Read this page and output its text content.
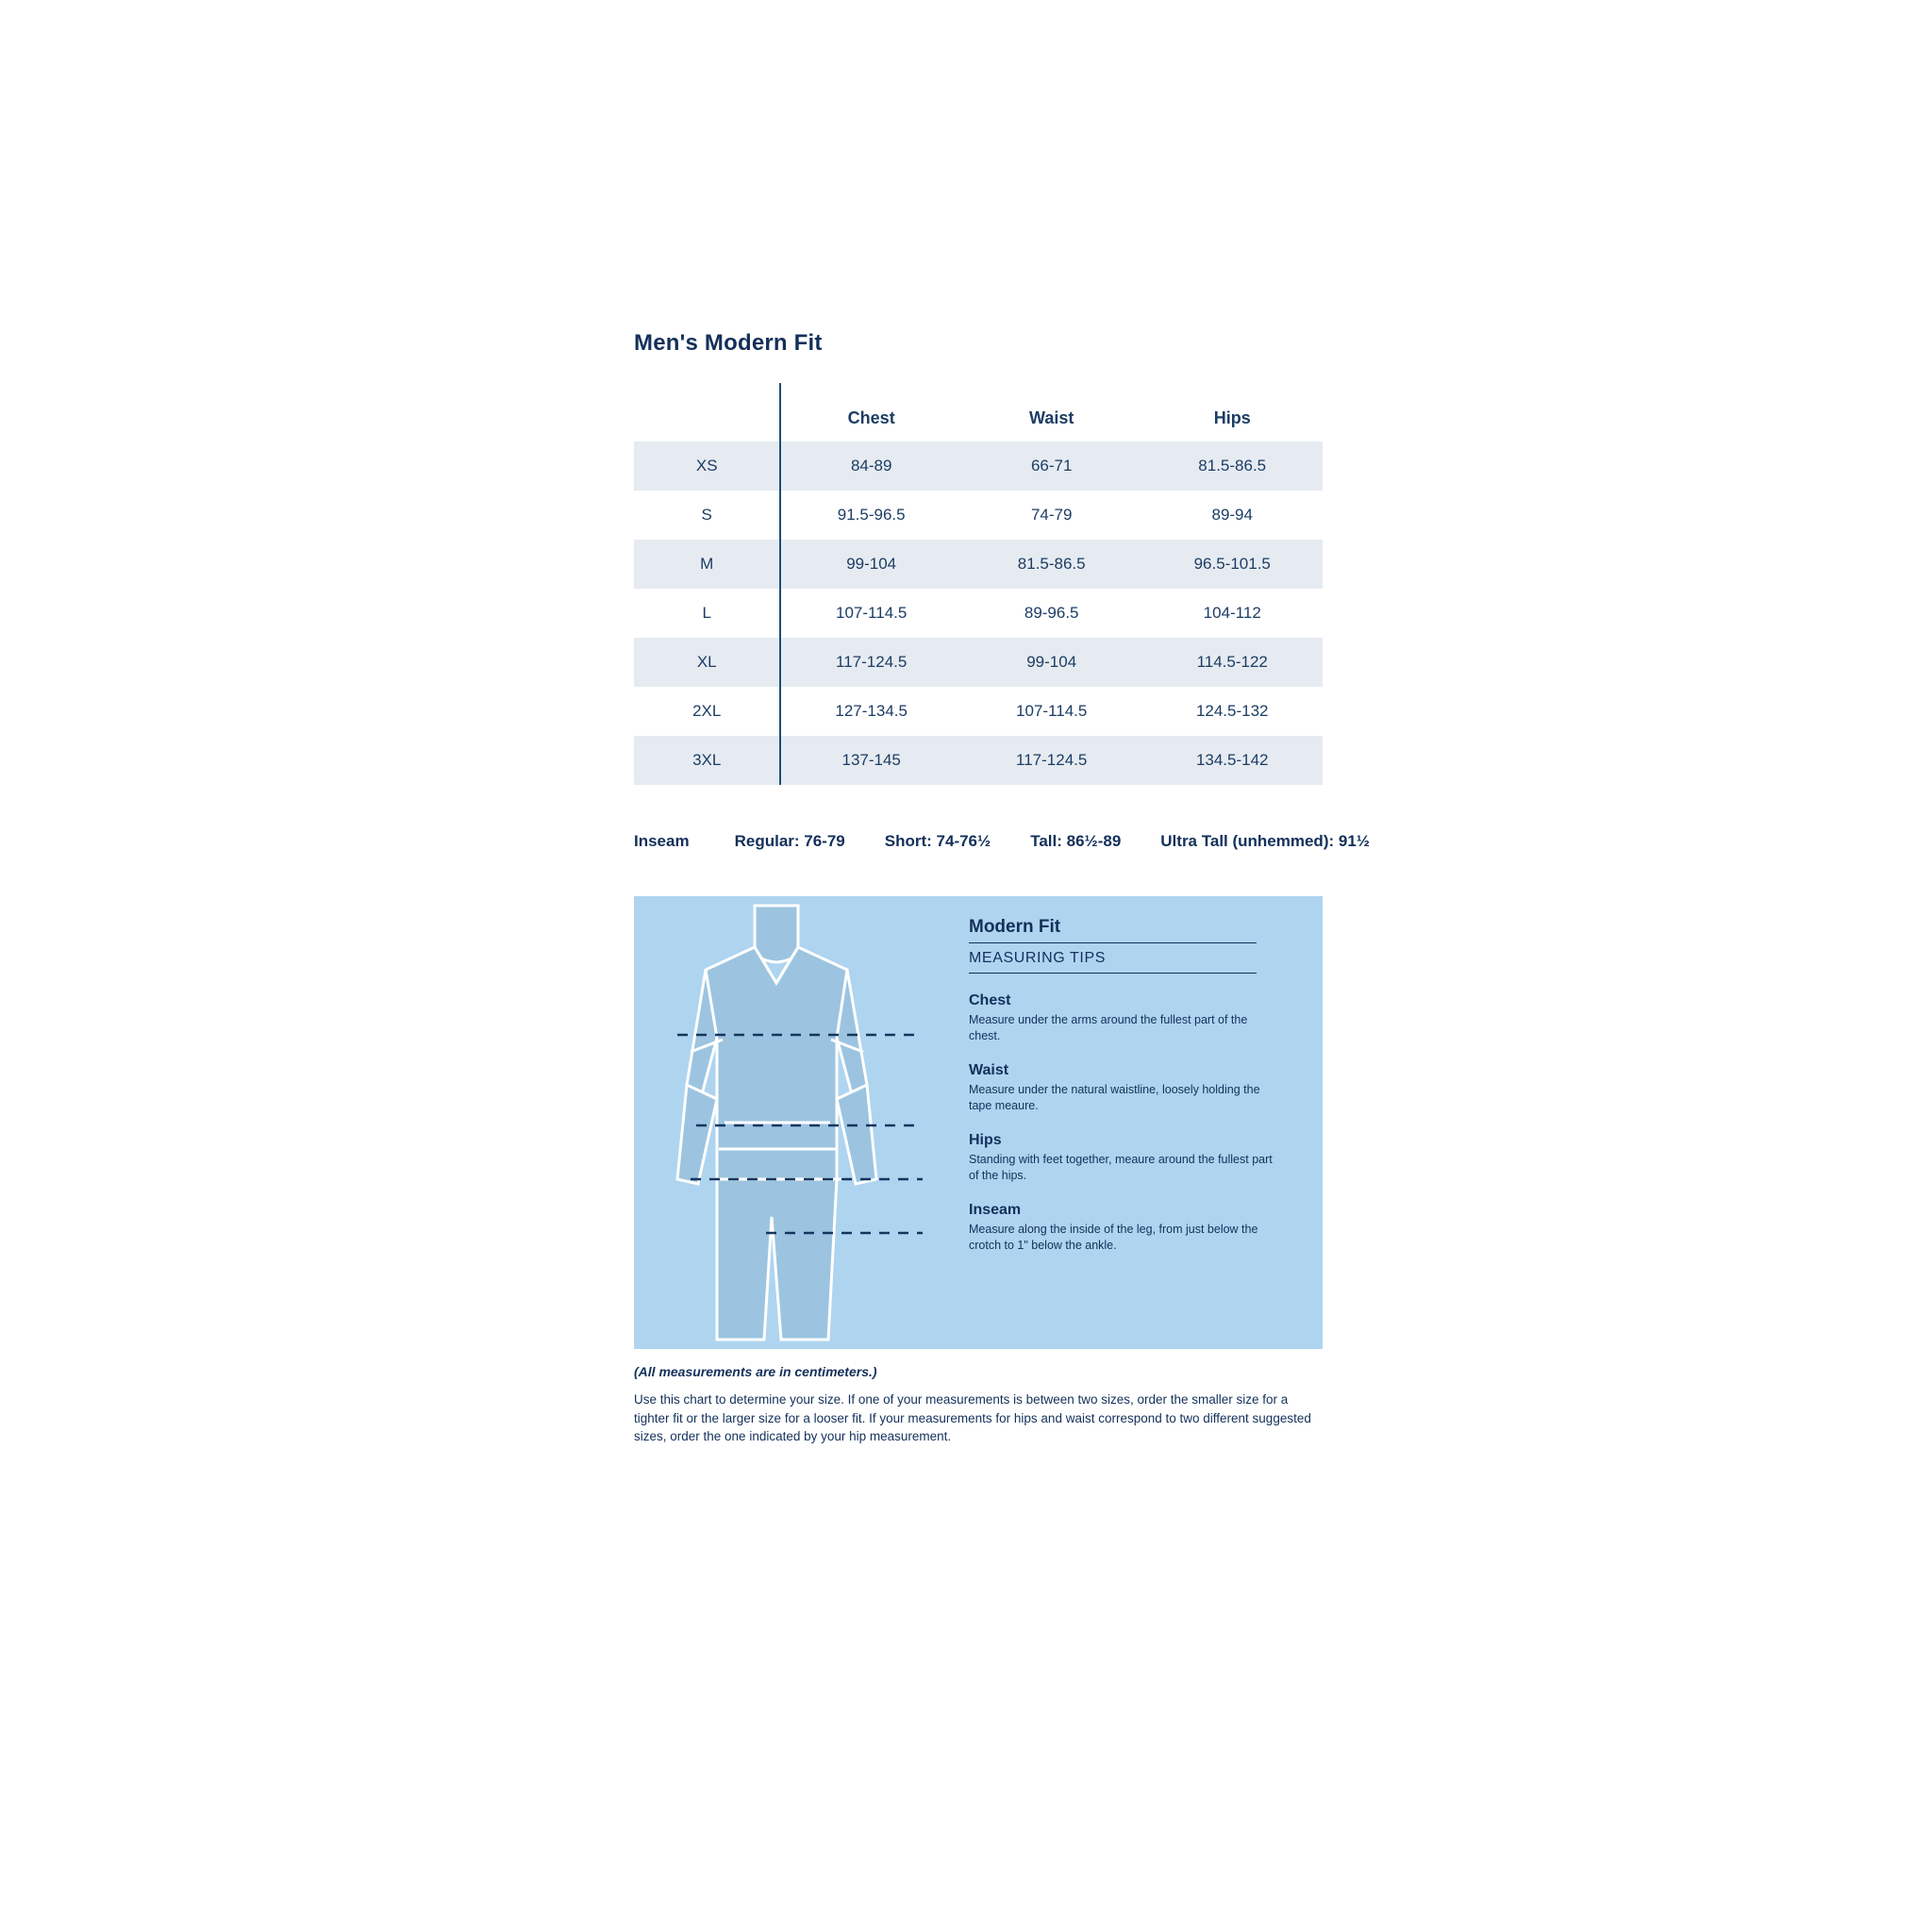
Men's Modern Fit
	Chest	Waist	Hips
XS	84-89	66-71	81.5-86.5
S	91.5-96.5	74-79	89-94
M	99-104	81.5-86.5	96.5-101.5
L	107-114.5	89-96.5	104-112
XL	117-124.5	99-104	114.5-122
2XL	127-134.5	107-114.5	124.5-132
3XL	137-145	117-124.5	134.5-142
Inseam	Regular: 76-79 Short: 74-76½ Tall: 86½-89 Ultra Tall (unhemmed): 91½
Modern Fit
MEASURING TIPS

Chest

Measure under the arms around the fullest part of the chest.

Waist

Measure under the natural waistline, loosely holding the tape meaure.

Hips

Standing with feet together, meaure around the fullest part of the hips.

Inseam

Measure along the inside of the leg, from just below the crotch to 1" below the ankle.

(All measurements are in centimeters.)
Use this chart to determine your size. If one of your measurements is between two sizes, order the smaller size for a tighter fit or the larger size for a looser fit. If your measurements for hips and waist correspond to two different suggested sizes, order the one indicated by your hip measurement.
